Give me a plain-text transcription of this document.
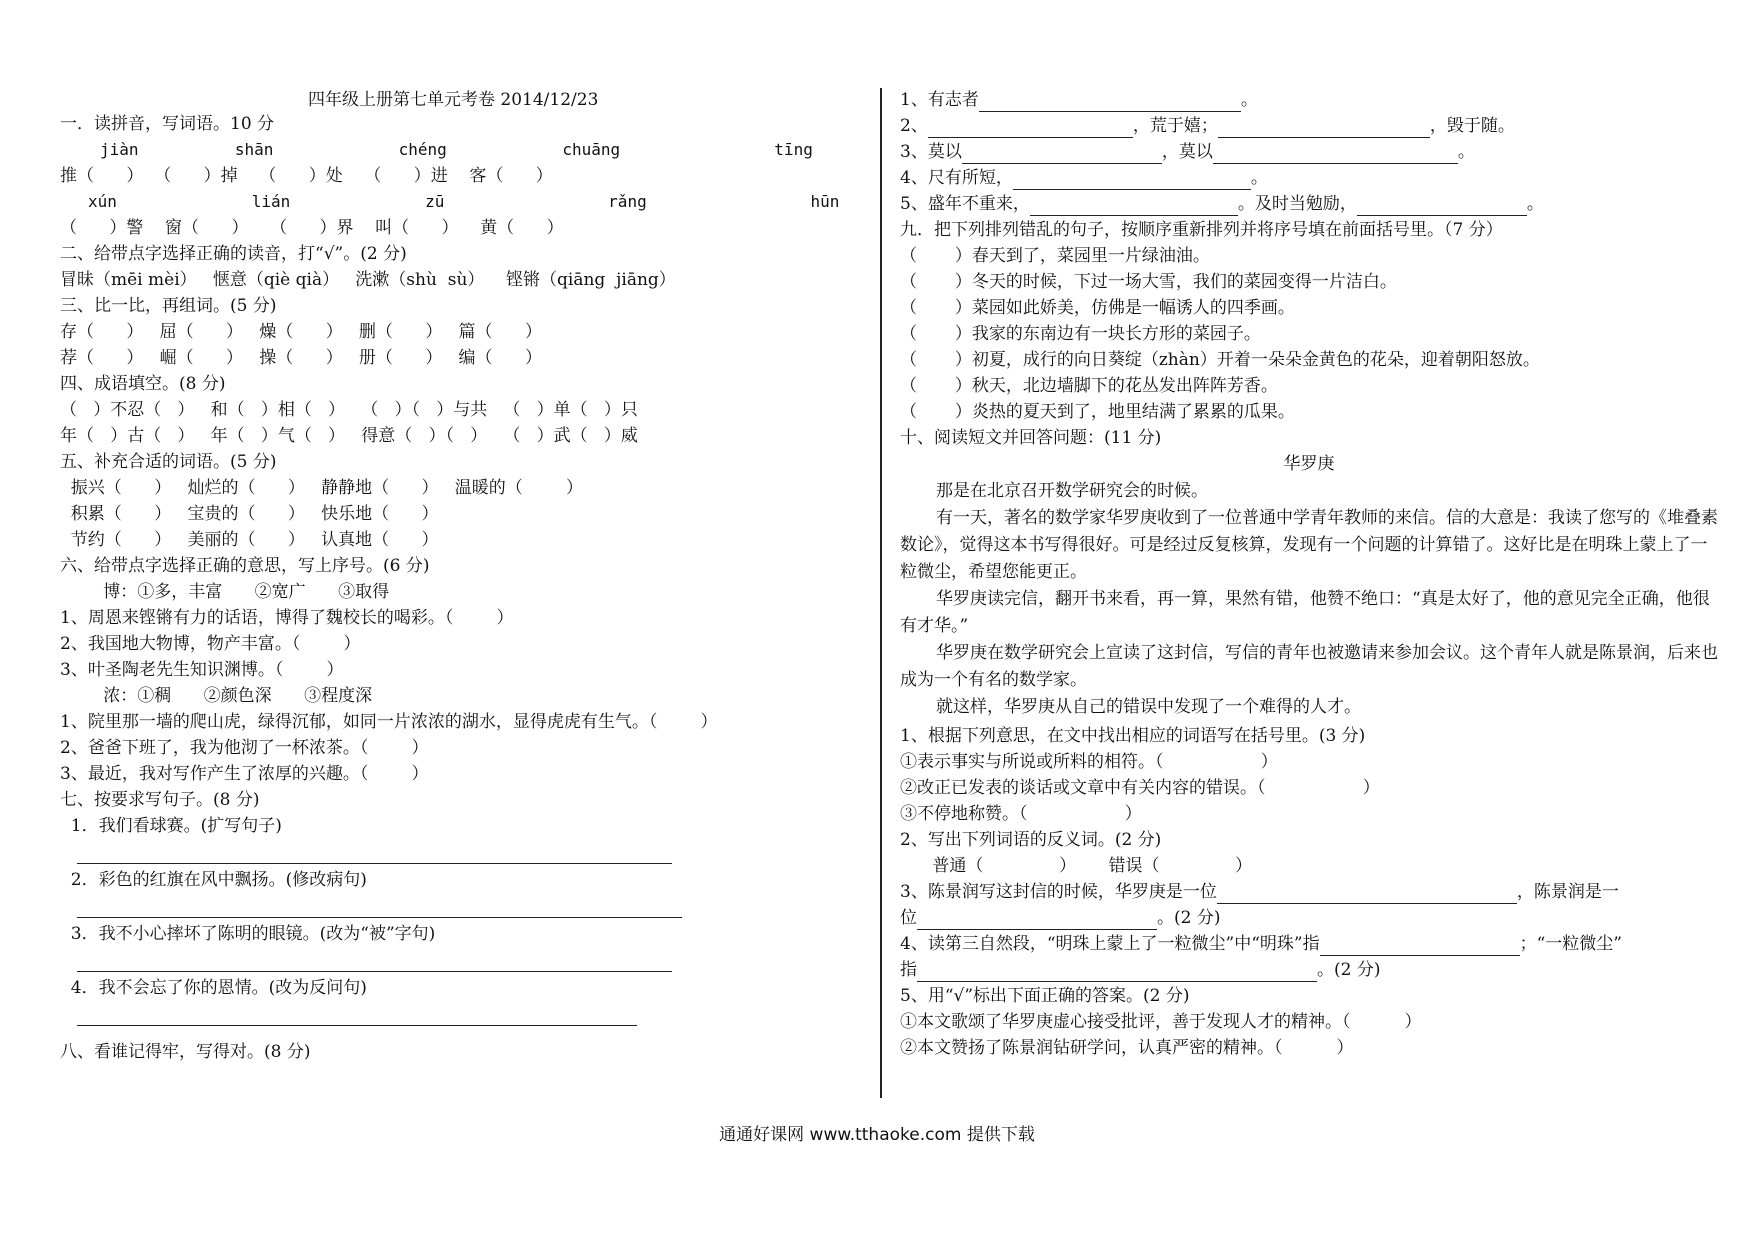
四年级上册第七单元考卷 2014/12/23
一．读拼音，写词语。10 分
jiàn          shān             chéng            chuāng                tīng
推（      ）  （      ）掉    （      ）处    （      ）进    客（      ）
xún              lián              zū                 rǎng                 hūn
（      ）警    窗（      ）    （      ）界    叫（      ）    黄（      ）
二、给带点字选择正确的读音，打“√”。(2 分)
冒昧（mēi mèi）   惬意（qiè qià）   洗漱（shù  sù）    铿锵（qiāng  jiāng）
三、比一比，再组词。(5 分)
存（      ）   屈（      ）   燥（      ）   删（      ）   篇（      ）
荐（      ）   崛（      ）   操（      ）   册（      ）   编（      ）
四、成语填空。(8 分)
（   ）不忍（   ）   和（   ）相（   ）   （   ）（   ）与共   （   ）单（   ）只
年（   ）古（   ）   年（   ）气（   ）   得意（   ）（   ）   （   ）武（   ）威
五、补充合适的词语。(5 分)
振兴（      ）   灿烂的（      ）   静静地（      ）   温暖的（        ）
积累（      ）   宝贵的（      ）   快乐地（      ）
节约（      ）   美丽的（      ）   认真地（      ）
六、给带点字选择正确的意思，写上序号。(6 分)
博：①多，丰富      ②宽广      ③取得
1、周恩来铿锵有力的话语，博得了魏校长的喝彩。（        ）
2、我国地大物博，物产丰富。（        ）
3、叶圣陶老先生知识渊博。（        ）
浓：①稠      ②颜色深      ③程度深
1、院里那一墙的爬山虎，绿得沉郁，如同一片浓浓的湖水，显得虎虎有生气。（        ）
2、爸爸下班了，我为他沏了一杯浓茶。（        ）
3、最近，我对写作产生了浓厚的兴趣。（        ）
七、按要求写句子。(8 分)
1．我们看球赛。(扩写句子)
2．彩色的红旗在风中飘扬。(修改病句)
3．我不小心摔坏了陈明的眼镜。(改为“被”字句)
4．我不会忘了你的恩情。(改为反问句)
八、看谁记得牢，写得对。(8 分)
1、有志者	。
2、	，荒于嬉；	，毁于随。
3、莫以	，莫以	。
4、尺有所短，	。
5、盛年不重来，	。及时当勉励，	。
九．把下列排列错乱的句子，按顺序重新排列并将序号填在前面括号里。（7 分）
（       ）春天到了，菜园里一片绿油油。
（       ）冬天的时候，下过一场大雪，我们的菜园变得一片洁白。
（       ）菜园如此娇美，仿佛是一幅诱人的四季画。
（       ）我家的东南边有一块长方形的菜园子。
（       ）初夏，成行的向日葵绽（zhàn）开着一朵朵金黄色的花朵，迎着朝阳怒放。
（       ）秋天，北边墙脚下的花丛发出阵阵芳香。
（       ）炎热的夏天到了，地里结满了累累的瓜果。
十、阅读短文并回答问题：(11 分)
华罗庚
那是在北京召开数学研究会的时候。
有一天，著名的数学家华罗庚收到了一位普通中学青年教师的来信。信的大意是：我读了您写的《堆叠素数论》，觉得这本书写得很好。可是经过反复核算，发现有一个问题的计算错了。这好比是在明珠上蒙上了一粒微尘，希望您能更正。
华罗庚读完信，翻开书来看，再一算，果然有错，他赞不绝口：“真是太好了，他的意见完全正确，他很有才华。”
华罗庚在数学研究会上宣读了这封信，写信的青年也被邀请来参加会议。这个青年人就是陈景润，后来也成为一个有名的数学家。
就这样，华罗庚从自己的错误中发现了一个难得的人才。
1、根据下列意思，在文中找出相应的词语写在括号里。(3 分)
①表示事实与所说或所料的相符。（                  ）
②改正已发表的谈话或文章中有关内容的错误。（                  ）
③不停地称赞。（                  ）
2、写出下列词语的反义词。(2 分)
普通（              ）      错误（              ）
3、陈景润写这封信的时候，华罗庚是一位	，陈景润是一
位	。(2 分)
4、读第三自然段，“明珠上蒙上了一粒微尘”中“明珠”指	；“一粒微尘”
指	。(2 分)
5、用“√”标出下面正确的答案。(2 分)
①本文歌颂了华罗庚虚心接受批评，善于发现人才的精神。（          ）
②本文赞扬了陈景润钻研学问，认真严密的精神。（          ）
通通好课网 www.tthaoke.com 提供下载
